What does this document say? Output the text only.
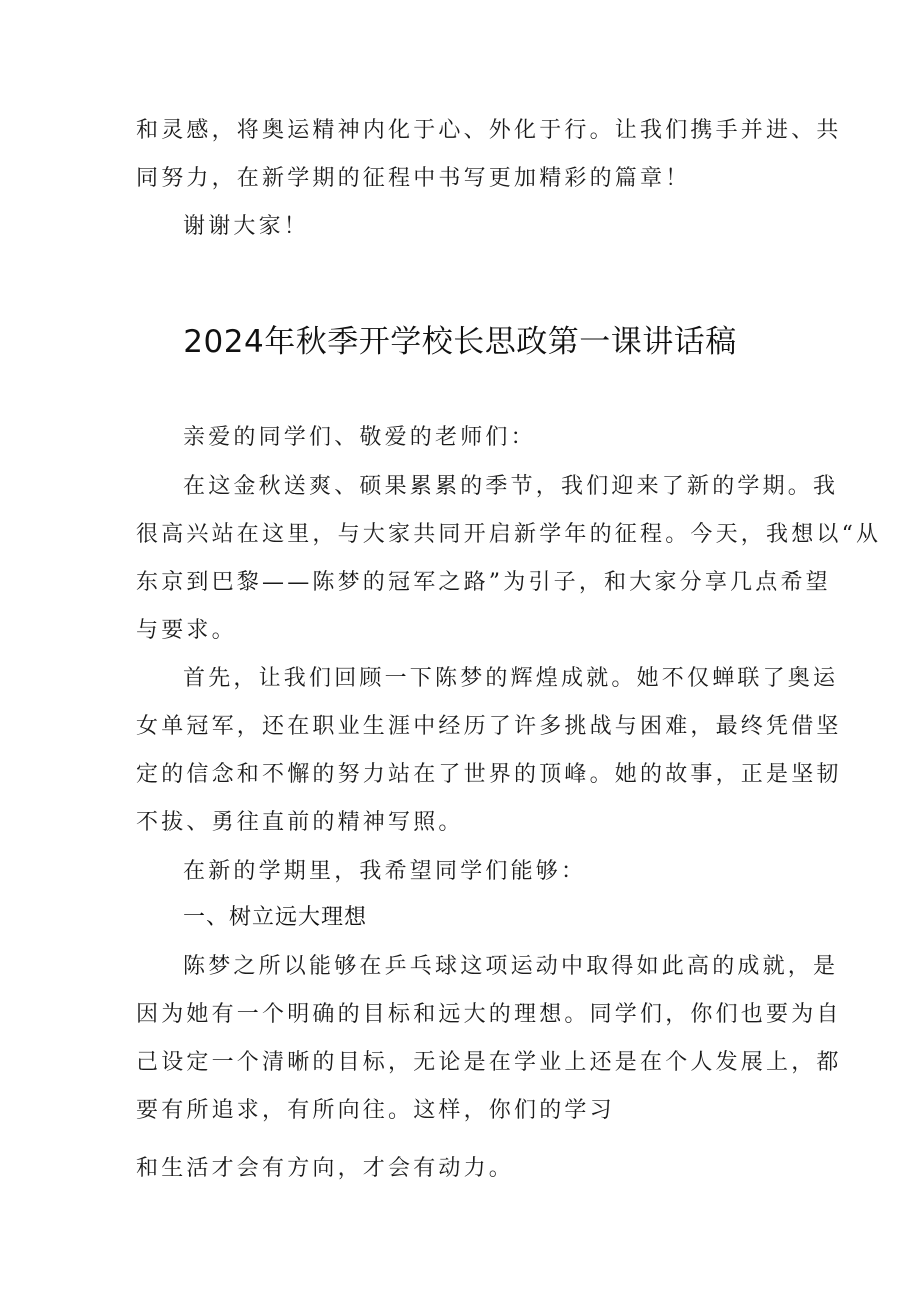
和灵感，将奥运精神内化于心、外化于行。让我们携手并进、共
同努力，在新学期的征程中书写更加精彩的篇章！
谢谢大家！
2024年秋季开学校长思政第一课讲话稿
亲爱的同学们、敬爱的老师们：
在这金秋送爽、硕果累累的季节，我们迎来了新的学期。我
很高兴站在这里，与大家共同开启新学年的征程。今天，我想以“从
东京到巴黎——陈梦的冠军之路”为引子，和大家分享几点希望
与要求。
首先，让我们回顾一下陈梦的辉煌成就。她不仅蝉联了奥运
女单冠军，还在职业生涯中经历了许多挑战与困难，最终凭借坚
定的信念和不懈的努力站在了世界的顶峰。她的故事，正是坚韧
不拔、勇往直前的精神写照。
在新的学期里，我希望同学们能够：
一、树立远大理想
陈梦之所以能够在乒乓球这项运动中取得如此高的成就，是
因为她有一个明确的目标和远大的理想。同学们，你们也要为自
己设定一个清晰的目标，无论是在学业上还是在个人发展上，都
要有所追求，有所向往。这样，你们的学习
和生活才会有方向，才会有动力。
